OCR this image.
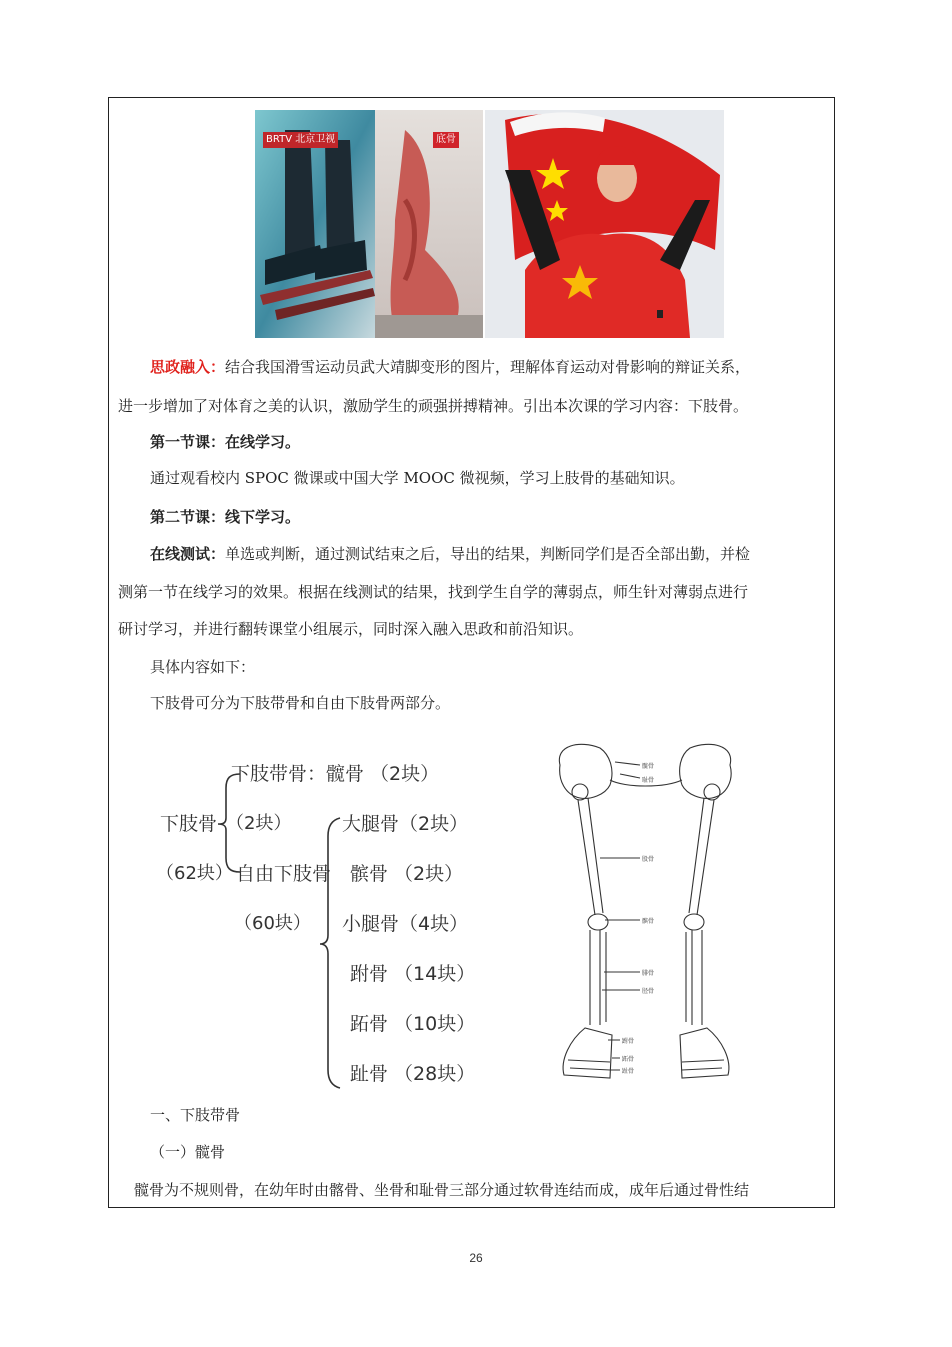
BRTV 北京卫视	底骨
思政融入：结合我国滑雪运动员武大靖脚变形的图片，理解体育运动对骨影响的辩证关系，
进一步增加了对体育之美的认识，激励学生的顽强拼搏精神。引出本次课的学习内容：下肢骨。
第一节课：在线学习。
通过观看校内 SPOC 微课或中国大学 MOOC 微视频，学习上肢骨的基础知识。
第二节课：线下学习。
在线测试：单选或判断，通过测试结束之后，导出的结果，判断同学们是否全部出勤，并检
测第一节在线学习的效果。根据在线测试的结果，找到学生自学的薄弱点，师生针对薄弱点进行
研讨学习，并进行翻转课堂小组展示，同时深入融入思政和前沿知识。
具体内容如下：
下肢骨可分为下肢带骨和自由下肢骨两部分。
下肢骨
（62块）
下肢带骨：髋骨 （2块）
（2块）
自由下肢骨
（60块）
大腿骨（2块）
髌骨 （2块）
小腿骨（4块）
跗骨 （14块）
跖骨 （10块）
趾骨 （28块）
髋骨
耻骨
股骨
髌骨
腓骨
胫骨
跗骨
跖骨
趾骨
一、下肢带骨
（一）髋骨
髋骨为不规则骨，在幼年时由髂骨、坐骨和耻骨三部分通过软骨连结而成，成年后通过骨性结
26
